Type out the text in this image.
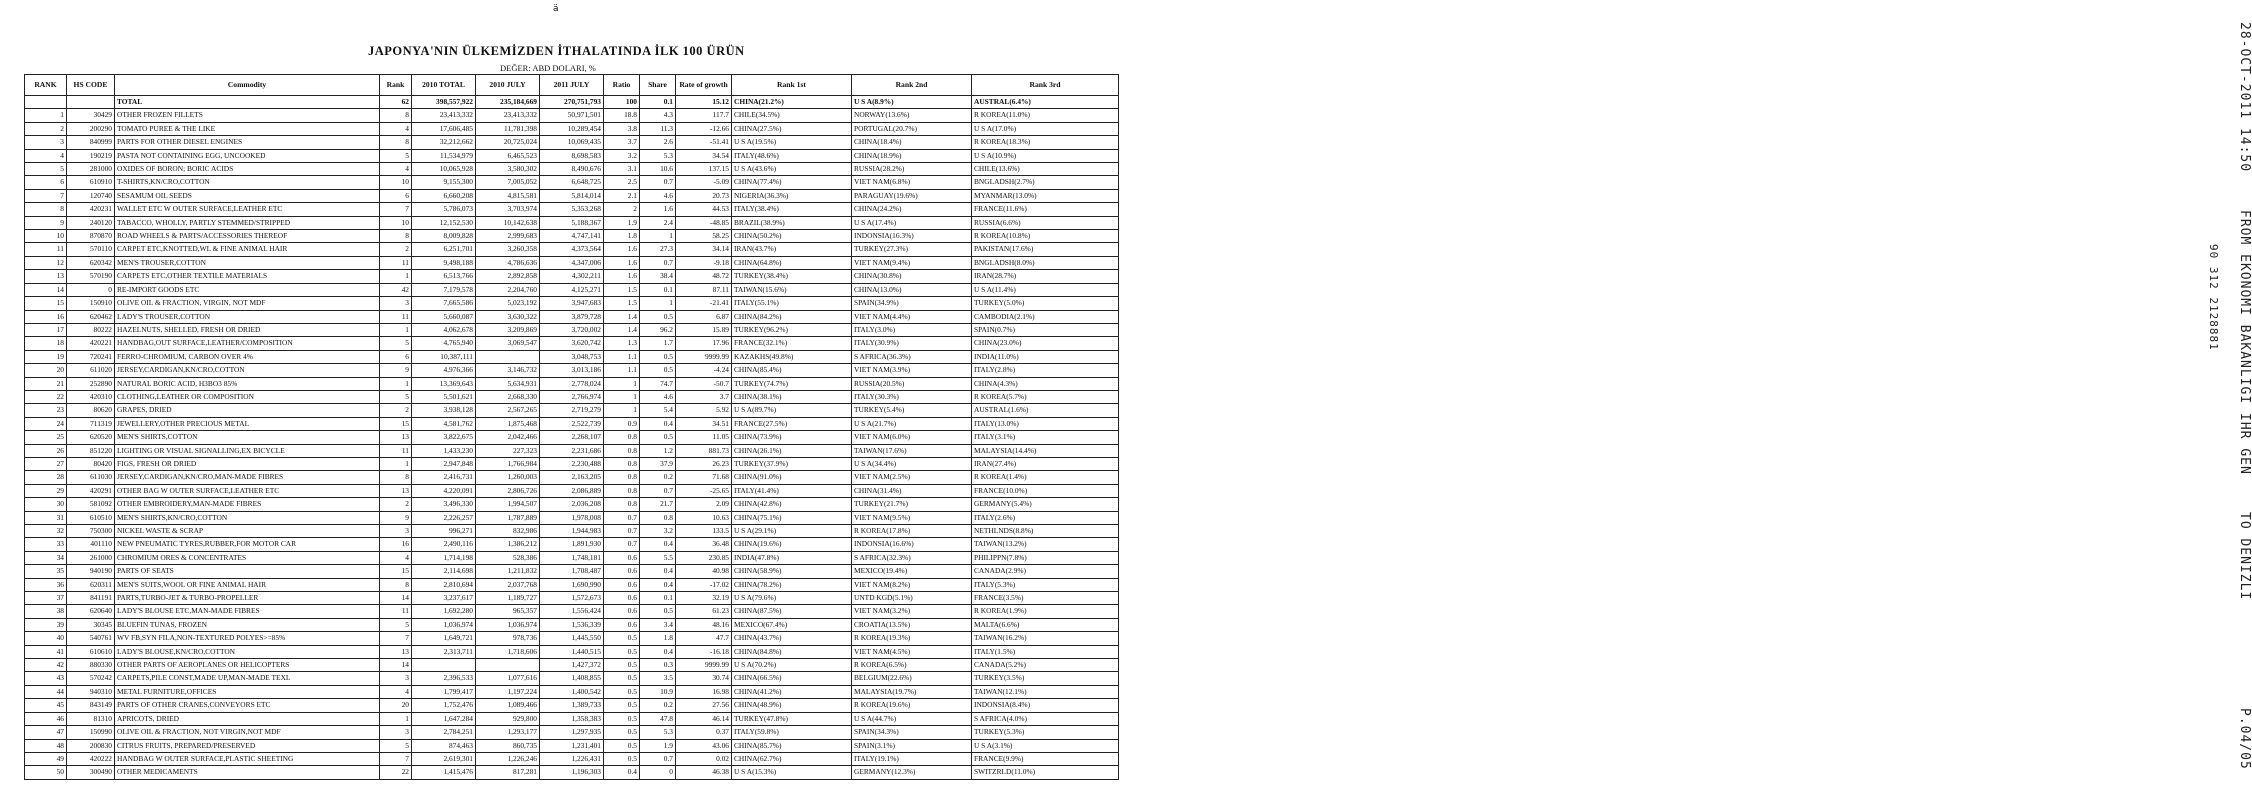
ä
JAPONYA'NIN ÜLKEMİZDEN İTHALATINDA İLK 100 ÜRÜN
DEĞER: ABD DOLARI, %
RANK	HS CODE	Commodity	Rank	2010 TOTAL	2010 JULY	2011 JULY	Ratio	Share	Rate of growth	Rank 1st	Rank 2nd	Rank 3rd
		TOTAL	62	398,557,922	235,184,669	270,751,793	100	0.1	15.12	CHINA(21.2%)	U S A(8.9%)	AUSTRAL(6.4%)
1	30429	OTHER FROZEN FILLETS	8	23,413,332	23,413,332	50,971,501	18.8	4.3	117.7	CHILE(34.5%)	NORWAY(13.6%)	R KOREA(11.0%)
2	200290	TOMATO PUREE & THE LIKE	4	17,606,485	11,781,398	10,289,454	3.8	11.3	-12.66	CHINA(27.5%)	PORTUGAL(20.7%)	U S A(17.0%)
3	840999	PARTS FOR OTHER DIESEL ENGINES	8	32,212,662	20,725,024	10,069,435	3.7	2.6	-51.41	U S A(19.5%)	CHINA(18.4%)	R KOREA(18.3%)
4	190219	PASTA NOT CONTAINING EGG, UNCOOKED	5	11,534,979	6,465,523	8,698,583	3.2	5.3	34.54	ITALY(48.6%)	CHINA(18.9%)	U S A(10.9%)
5	281000	OXIDES OF BORON; BORIC ACIDS	4	10,065,928	3,580,302	8,490,676	3.1	10.6	137.15	U S A(43.6%)	RUSSIA(28.2%)	CHILE(13.6%)
6	610910	T-SHIRTS,KN/CRO,COTTON	10	9,155,300	7,005,052	6,648,725	2.5	0.7	-5.09	CHINA(77.4%)	VIET NAM(6.8%)	BNGLADSH(2.7%)
7	120740	SESAMUM OIL SEEDS	6	6,660,208	4,815,581	5,814,014	2.1	4.6	20.73	NIGERIA(36.3%)	PARAGUAY(19.6%)	MYANMAR(13.0%)
8	420231	WALLET ETC W OUTER SURFACE,LEATHER ETC	7	5,786,073	3,703,974	5,353,268	2	1.6	44.53	ITALY(38.4%)	CHINA(24.2%)	FRANCE(11.6%)
9	240120	TABACCO, WHOLLY, PARTLY STEMMED/STRIPPED	10	12,152,530	10,142,638	5,188,367	1.9	2.4	-48.85	BRAZIL(38.9%)	U S A(17.4%)	RUSSIA(6.6%)
10	870870	ROAD WHEELS & PARTS/ACCESSORIES THEREOF	8	8,009,828	2,999,683	4,747,141	1.8	1	58.25	CHINA(50.2%)	INDONSIA(16.3%)	R KOREA(10.8%)
11	570110	CARPET ETC,KNOTTED,WL & FINE ANIMAL HAIR	2	6,251,701	3,260,358	4,373,564	1.6	27.3	34.14	IRAN(43.7%)	TURKEY(27.3%)	PAKISTAN(17.6%)
12	620342	MEN'S TROUSER,COTTON	11	9,498,188	4,786,636	4,347,006	1.6	0.7	-9.18	CHINA(64.8%)	VIET NAM(9.4%)	BNGLADSH(8.0%)
13	570190	CARPETS ETC,OTHER TEXTILE MATERIALS	1	6,513,766	2,892,858	4,302,211	1.6	38.4	48.72	TURKEY(38.4%)	CHINA(30.8%)	IRAN(28.7%)
14	0	RE-IMPORT GOODS ETC	42	7,179,578	2,204,760	4,125,271	1.5	0.1	87.11	TAIWAN(15.6%)	CHINA(13.0%)	U S A(11.4%)
15	150910	OLIVE OIL & FRACTION, VIRGIN, NOT MDF	3	7,665,586	5,023,192	3,947,683	1.5	1	-21.41	ITALY(55.1%)	SPAIN(34.9%)	TURKEY(5.0%)
16	620462	LADY'S TROUSER,COTTON	11	5,660,087	3,630,322	3,879,728	1.4	0.5	6.87	CHINA(84.2%)	VIET NAM(4.4%)	CAMBODIA(2.1%)
17	80222	HAZELNUTS, SHELLED, FRESH OR DRIED	1	4,062,678	3,209,869	3,720,002	1.4	96.2	15.89	TURKEY(96.2%)	ITALY(3.0%)	SPAIN(0.7%)
18	420221	HANDBAG,OUT SURFACE,LEATHER/COMPOSITION	5	4,765,940	3,069,547	3,620,742	1.3	1.7	17.96	FRANCE(32.1%)	ITALY(30.9%)	CHINA(23.0%)
19	720241	FERRO-CHROMIUM, CARBON OVER 4%	6	10,387,111		3,048,753	1.1	0.5	9999.99	KAZAKHS(49.8%)	S AFRICA(36.3%)	INDIA(11.0%)
20	611020	JERSEY,CARDIGAN,KN/CRO,COTTON	9	4,976,366	3,146,732	3,013,186	1.1	0.5	-4.24	CHINA(85.4%)	VIET NAM(3.9%)	ITALY(2.8%)
21	252890	NATURAL BORIC ACID, H3BO3 85%	1	13,369,643	5,634,931	2,778,024	1	74.7	-50.7	TURKEY(74.7%)	RUSSIA(20.5%)	CHINA(4.3%)
22	420310	CLOTHING,LEATHER OR COMPOSITION	5	5,501,621	2,668,330	2,766,974	1	4.6	3.7	CHINA(38.1%)	ITALY(30.3%)	R KOREA(5.7%)
23	80620	GRAPES, DRIED	2	3,938,128	2,567,265	2,719,279	1	5.4	5.92	U S A(89.7%)	TURKEY(5.4%)	AUSTRAL(1.6%)
24	711319	JEWELLERY,OTHER PRECIOUS METAL	15	4,581,762	1,875,468	2,522,739	0.9	0.4	34.51	FRANCE(27.5%)	U S A(21.7%)	ITALY(13.0%)
25	620520	MEN'S SHIRTS,COTTON	13	3,822,675	2,042,466	2,268,107	0.8	0.5	11.05	CHINA(73.9%)	VIET NAM(6.0%)	ITALY(3.1%)
26	851220	LIGHTING OR VISUAL SIGNALLING,EX BICYCLE	11	1,433,230	227,323	2,231,686	0.8	1.2	881.73	CHINA(26.1%)	TAIWAN(17.6%)	MALAYSIA(14.4%)
27	80420	FIGS, FRESH OR DRIED	1	2,947,848	1,766,984	2,230,488	0.8	37.9	26.23	TURKEY(37.9%)	U S A(34.4%)	IRAN(27.4%)
28	611030	JERSEY,CARDIGAN,KN/CRO,MAN-MADE FIBRES	8	2,416,731	1,260,003	2,163,205	0.8	0.2	71.68	CHINA(91.0%)	VIET NAM(2.5%)	R KOREA(1.4%)
29	420291	OTHER BAG W OUTER SURFACE,LEATHER ETC	13	4,220,091	2,806,726	2,086,889	0.8	0.7	-25.65	ITALY(41.4%)	CHINA(31.4%)	FRANCE(10.0%)
30	581092	OTHER EMBROIDERY,MAN-MADE FIBRES	2	3,496,330	1,994,507	2,036,208	0.8	21.7	2.09	CHINA(42.8%)	TURKEY(21.7%)	GERMANY(5.4%)
31	610510	MEN'S SHIRTS,KN/CRO,COTTON	9	2,226,257	1,787,889	1,978,008	0.7	0.8	10.63	CHINA(75.1%)	VIET NAM(9.5%)	ITALY(2.6%)
32	750300	NICKEL WASTE & SCRAP	3	996,271	832,986	1,944,983	0.7	3.2	133.5	U S A(29.1%)	R KOREA(17.8%)	NETHLNDS(8.8%)
33	401110	NEW PNEUMATIC TYRES,RUBBER,FOR MOTOR CAR	16	2,490,116	1,386,212	1,891,930	0.7	0.4	36.48	CHINA(19.6%)	INDONSIA(16.6%)	TAIWAN(13.2%)
34	261000	CHROMIUM ORES & CONCENTRATES	4	1,714,198	528,386	1,748,181	0.6	5.5	230.85	INDIA(47.8%)	S AFRICA(32.3%)	PHILIPPN(7.8%)
35	940190	PARTS OF SEATS	15	2,114,698	1,211,832	1,708,487	0.6	0.4	40.98	CHINA(58.9%)	MEXICO(19.4%)	CANADA(2.9%)
36	620311	MEN'S SUITS,WOOL OR FINE ANIMAL HAIR	8	2,810,694	2,037,768	1,690,990	0.6	0.4	-17.02	CHINA(78.2%)	VIET NAM(8.2%)	ITALY(5.3%)
37	841191	PARTS,TURBO-JET & TURBO-PROPELLER	14	3,237,617	1,189,727	1,572,673	0.6	0.1	32.19	U S A(79.6%)	UNTD KGD(5.1%)	FRANCE(3.5%)
38	620640	LADY'S BLOUSE ETC,MAN-MADE FIBRES	11	1,692,280	965,357	1,556,424	0.6	0.5	61.23	CHINA(87.5%)	VIET NAM(3.2%)	R KOREA(1.9%)
39	30345	BLUEFIN TUNAS, FROZEN	5	1,036,974	1,036,974	1,536,339	0.6	3.4	48.16	MEXICO(67.4%)	CROATIA(13.5%)	MALTA(6.6%)
40	540761	WV FB,SYN FILA,NON-TEXTURED POLYES>=85%	7	1,649,721	978,736	1,445,550	0.5	1.8	47.7	CHINA(43.7%)	R KOREA(19.3%)	TAIWAN(16.2%)
41	610610	LADY'S BLOUSE,KN/CRO,COTTON	13	2,313,711	1,718,606	1,440,515	0.5	0.4	-16.18	CHINA(84.8%)	VIET NAM(4.5%)	ITALY(1.5%)
42	880330	OTHER PARTS OF AEROPLANES OR HELICOPTERS	14			1,427,372	0.5	0.3	9999.99	U S A(70.2%)	R KOREA(6.5%)	CANADA(5.2%)
43	570242	CARPETS,PILE CONST,MADE UP,MAN-MADE TEXL	3	2,396,533	1,077,616	1,408,855	0.5	3.5	30.74	CHINA(66.5%)	BELGIUM(22.6%)	TURKEY(3.5%)
44	940310	METAL FURNITURE,OFFICES	4	1,799,417	1,197,224	1,400,542	0.5	10.9	16.98	CHINA(41.2%)	MALAYSIA(19.7%)	TAIWAN(12.1%)
45	843149	PARTS OF OTHER CRANES,CONVEYORS ETC	20	1,752,476	1,089,466	1,389,733	0.5	0.2	27.56	CHINA(48.9%)	R KOREA(19.6%)	INDONSIA(8.4%)
46	81310	APRICOTS, DRIED	1	1,647,284	929,800	1,358,383	0.5	47.8	46.14	TURKEY(47.8%)	U S A(44.7%)	S AFRICA(4.0%)
47	150990	OLIVE OIL & FRACTION, NOT VIRGIN,NOT MDF	3	2,784,251	1,293,177	1,297,935	0.5	5.3	0.37	ITALY(59.8%)	SPAIN(34.3%)	TURKEY(5.3%)
48	200830	CITRUS FRUITS, PREPARED/PRESERVED	5	874,463	860,735	1,231,401	0.5	1.9	43.06	CHINA(85.7%)	SPAIN(3.1%)	U S A(3.1%)
49	420222	HANDBAG W OUTER SURFACE,PLASTIC SHEETING	7	2,619,301	1,226,246	1,226,431	0.5	0.7	0.02	CHINA(62.7%)	ITALY(19.1%)	FRANCE(9.9%)
50	300490	OTHER MEDICAMENTS	22	1,415,476	817,281	1,196,303	0.4	0	46.38	U S A(15.3%)	GERMANY(12.3%)	SWITZRLD(11.0%)
28-OCT-2011 14:50
FROM EKONOMI BAKANLIGI IHR GEN
90 312 2128881
TO DENIZLI
P.04/05
